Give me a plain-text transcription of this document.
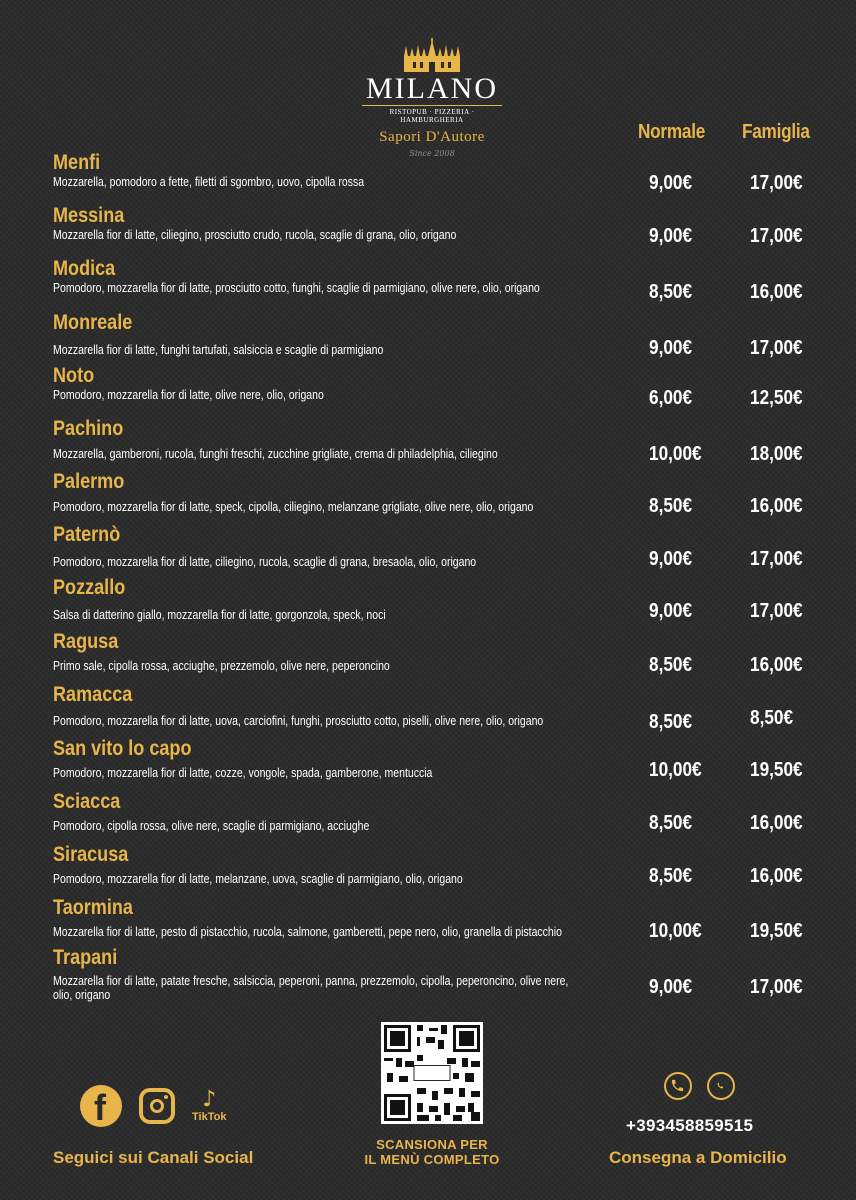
MILANO
RISTOPUB · PIZZERIA · HAMBURGHERIA
Sapori D'Autore
Since 2008
Normale Famiglia
Menfi
Mozzarella, pomodoro a fette, filetti di sgombro, uovo, cipolla rossa	9,00€	17,00€
Messina
Mozzarella fior di latte, ciliegino, prosciutto crudo, rucola, scaglie di grana, olio, origano	9,00€	17,00€
Modica
Pomodoro, mozzarella fior di latte, prosciutto cotto, funghi, scaglie di parmigiano, olive nere, olio, origano	8,50€	16,00€
Monreale
Mozzarella fior di latte, funghi tartufati, salsiccia e scaglie di parmigiano	9,00€	17,00€
Noto
Pomodoro, mozzarella fior di latte, olive nere, olio, origano	6,00€	12,50€
Pachino
Mozzarella, gamberoni, rucola, funghi freschi, zucchine grigliate, crema di philadelphia, ciliegino	10,00€ 18,00€
Palermo
Pomodoro, mozzarella fior di latte, speck, cipolla, ciliegino, melanzane grigliate, olive nere, olio, origano	8,50€	16,00€
Paternò
Pomodoro, mozzarella fior di latte, ciliegino, rucola, scaglie di grana, bresaola, olio, origano	9,00€	17,00€
Pozzallo
Salsa di datterino giallo, mozzarella fior di latte, gorgonzola, speck, noci	9,00€	17,00€
Ragusa
Primo sale, cipolla rossa, acciughe, prezzemolo, olive nere, peperoncino	8,50€	16,00€
Ramacca
Pomodoro, mozzarella fior di latte, uova, carciofini, funghi, prosciutto cotto, piselli, olive nere, olio, origano	8,50€	8,50€
San vito lo capo
Pomodoro, mozzarella fior di latte, cozze, vongole, spada, gamberone, mentuccia	10,00€ 19,50€
Sciacca
Pomodoro, cipolla rossa, olive nere, scaglie di parmigiano, acciughe	8,50€	16,00€
Siracusa
Pomodoro, mozzarella fior di latte, melanzane, uova, scaglie di parmigiano, olio, origano	8,50€	16,00€
Taormina
Mozzarella fior di latte, pesto di pistacchio, rucola, salmone, gamberetti, pepe nero, olio, granella di pistacchio	10,00€ 19,50€
Trapani
Mozzarella fior di latte, patate fresche, salsiccia, peperoni, panna, prezzemolo, cipolla, peperoncino, olive nere, olio, origano	9,00€	17,00€
f	♪
TikTok
Seguici sui Canali Social
SCANSIONA PER
IL MENÙ COMPLETO
+393458859515
Consegna a Domicilio
